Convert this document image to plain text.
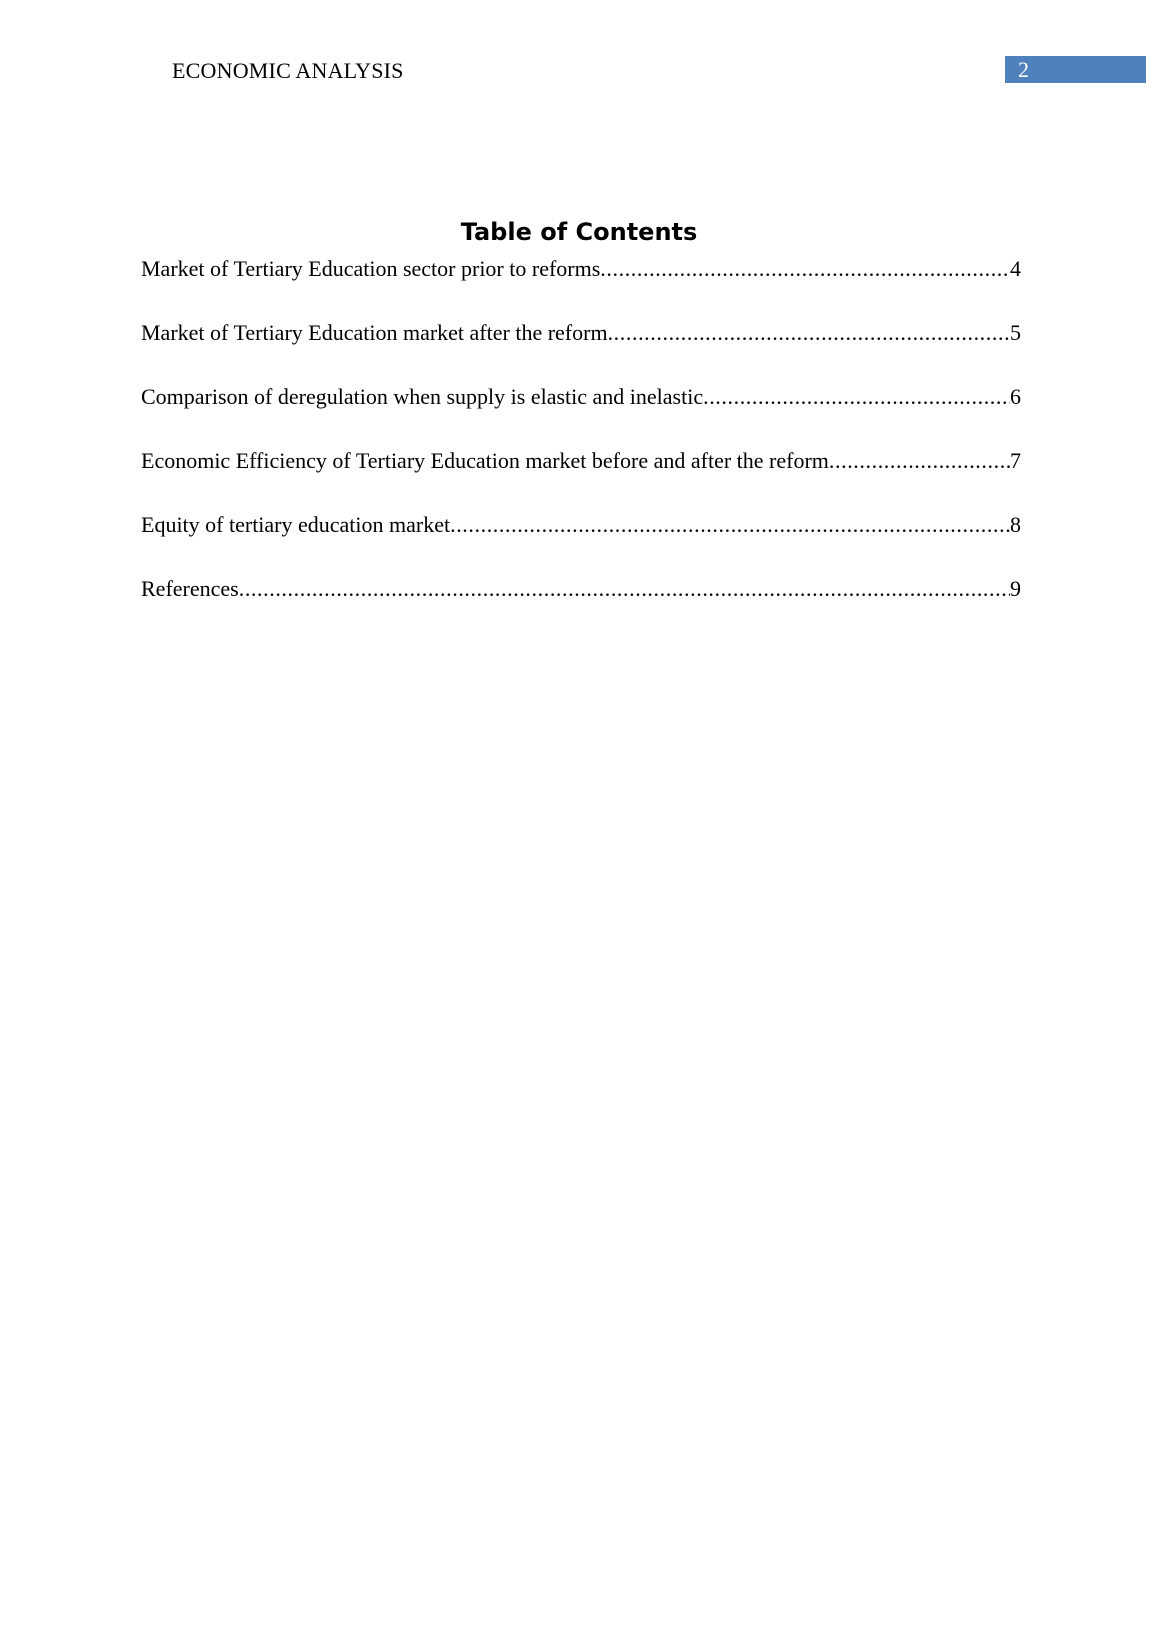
ECONOMIC ANALYSIS	2
Table of Contents
Market of Tertiary Education sector prior to reforms .....	4
Market of Tertiary Education market after the reform .....	5
Comparison of deregulation when supply is elastic and inelastic .....	6
Economic Efficiency of Tertiary Education market before and after the reform .....	7
Equity of tertiary education market .....	8
References .....	9
